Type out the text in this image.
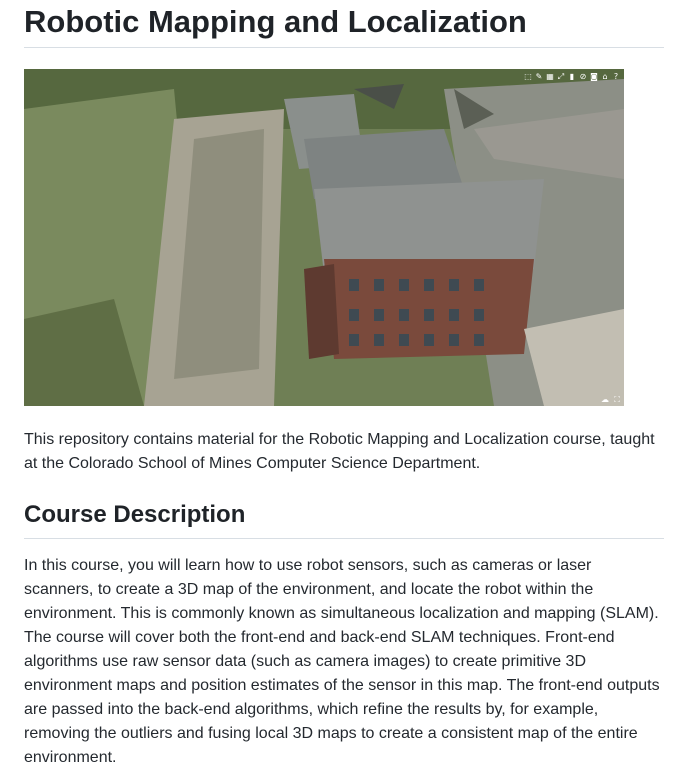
Robotic Mapping and Localization
⬚ ✎ ▦ ⤢ ▮ ⊘ ◙ ⌂ ?
☁ ⛶

This repository contains material for the Robotic Mapping and Localization course, taught at the Colorado School of Mines Computer Science Department.

Course Description

In this course, you will learn how to use robot sensors, such as cameras or laser scanners, to create a 3D map of the environment, and locate the robot within the environment. This is commonly known as simultaneous localization and mapping (SLAM). The course will cover both the front-end and back-end SLAM techniques. Front-end algorithms use raw sensor data (such as camera images) to create primitive 3D environment maps and position estimates of the sensor in this map. The front-end outputs are passed into the back-end algorithms, which refine the results by, for example, removing the outliers and fusing local 3D maps to create a consistent map of the entire environment.
